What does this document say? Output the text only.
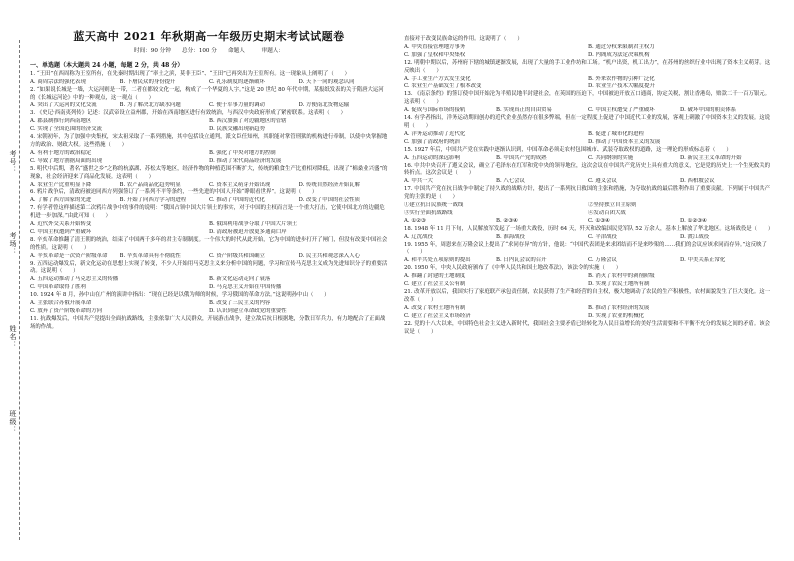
考号：
考场：
姓名：
班级：
蓝天高中 2021 年秋期高一年级历史期末考试试题卷
时间：90 分钟　　总分：100 分　　命题人　　　审题人：
一、单选题（本大题共 24 小题，每题 2 分，共 48 分）
1. “王田”在西周称为王室所有，在先秦时期出现了“率土之滨，莫非王臣”、“王田”已再突出为王室所有。这一现象从上阐明了（　　）
A. 商周宗法的强化表现	B. 下層民众的身份提升	C. 礼乐制度的逐渐破坏	D. 天下一同的观念认同
2. “如果说长城是一墙，大运河则是一带，二者在都较文化一起，构成了一个华夏的人字。”这是 20 世纪 80 年代中期，某报纸发表的关于隋唐大运河的《长城运河论》中的一种观点，这一观点（　　）
A. 突出了大运河的文化交流	B. 为了解决北方缺水问题	C. 便于军事力量的调动	D. 方便南北货物运输
3. 《史记·西南夷列传》记述：汉武帝设立益州郡，开始在西南地区进行有效统治，与西汉中央政府形成了紧密联系。这表明（　　）
A. 郡县制推行到西南地区	B. 西汉加强了对边疆地区的管辖
C. 实现了全国范围的经济交流	D. 民族交融出现新趋势
4. 宋朝初年，为了加强中央集权，宋太祖采取了一系列措施，其中包括设立通判，派文臣任知州，其职能对掌管刑狱的机构进行牵制，以使中央掌握地方的政治、财政大权。这些措施（　　）
A. 有利于地方的政治稳定	B. 强化了中央对地方的控制
C. 导致了地方割据局面的出现	D. 推动了宋代商品经济的发展
5. 明代中后期，著名“盛世之乡”之称的杭嘉湖、苏松太等地区，经济作物的种植范围不断扩大，传统的粮食生产比重相对降低，出现了“棉桑业兴盛”的现象，社会经济迎来了商品化发展。这表明（　　）
A. 农业生产比重明显下降	B. 农产品商品化趋势明显	C. 资本主义萌芽开始出现	D. 传统自然经济开始瓦解
6. 鸦片战争后，清政府被迫同西方列强签订了一系列不平等条约，一些先进的中国人开始“睁眼看世界”。这说明（　　）
A. 了解了西方国家的先进	B. 开始了向西方学习的进程	C. 推动了中国的近代化	D. 改变了中国的社会性质
7. 有学者曾这样描述第二次鸦片战争中的事件的说明：“俄国占领中国大片领土的事实，对于中国的主权而言是一个重大打击，它使中国北方的边疆危机进一步加深。”由此可知（　　）
A. 近代外交关系开始转变	B. 俄国利用战争夺取了中国大片领土
C. 中国主权遭到严重破坏	D. 清政府被迫开放更多通商口岸
8. 辛亥革命推翻了清王朝的统治，结束了中国两千多年的君主专制制度。一个伟大的时代从此开始，它为中国的进步打开了闸门，但没有改变中国社会的性质。这说明（　　）
A. 辛亥革命是一次资产阶级革命	B. 辛亥革命具有不彻底性	C. 资产阶级共和国确立	D. 民主共和观念深入人心
9. 五四运动爆发后，新文化运动在思想上实现了转变，不少人开始用马克思主义来分析中国的问题，学习和宣传马克思主义成为先进知识分子的重要活动。这说明（　　）
A. 五四运动推动了马克思主义的传播	B. 新文化运动走向了衰落
C. 中国革命取得了胜利	D. 马克思主义开始在中国传播
10. 1924 年 8 月，孙中山在广州的演讲中指出：“现在已经是以俄为师的时候，学习俄国的革命方法。”这说明孙中山（　　）
A. 主张联合苏俄开展革命	B. 改变了三民主义的内容
C. 放弃了资产阶级革命的方向	D. 认识到建立革命政党的重要性
11. 抗战爆发后，中国共产党提出全面抗战路线，主张依靠广大人民群众，开展游击战争，建立敌后抗日根据地，分散日军兵力，有力地配合了正面战场的作战。
直接对于改变民族命运的作用。这说明了（　　）
A. 中央直接管理地方事务	B. 通过分权来限制君主权力
C. 加强了皇权和中央集权	D. 内阁成为法定决策机构
12. 明朝中期以后，苏州府下辖的城镇逐渐发展，出现了大量的手工业作坊和工场。“机户出资，机工出力”，在苏州的丝织行业中出现了资本主义萌芽。这反映出（　　）
A. 手工业生产方式发生变化	B. 外来农作物的引种广泛化
C. 农业生产基础发生了根本改变	D. 农业生产技术大幅度提升
13. 《南京条约》的签订使中国开始沦为半殖民地半封建社会，在英国的压迫下，中国被迫开放五口通商，协定关税，割让香港岛，赔款二千一百万银元。这表明（　　）
A. 促成与国际市场的接轨	B. 实现真正的自由贸易	C. 中国主权遭受了严重破坏	D. 破坏中国的朝贡体系
14. 有学者指出，洋务运动期间创办的近代企业虽然存在很多弊端，但在一定程度上促进了中国近代工业的发展，客观上刺激了中国资本主义的发展。这说明（　　）
A. 洋务运动推动了近代化	B. 促进了城市化的进程
C. 加强了清政府的统治	D. 推动了中国资本主义的发展
15. 1927 年后，中国共产党在实践中逐渐认识到，中国革命必须走农村包围城市、武装夺取政权的道路，这一理论的形成标志着（　　）
A. 五四运动的深远影响	B. 中国共产党的成熟	C. 共同纲领的实施	D. 新民主主义革命的开始
16. 中共中央召开了遵义会议，确立了毛泽东在红军和党中央的领导地位，这次会议在中国共产党历史上具有重大的意义，它是党的历史上一个生死攸关的转折点。这次会议是（　　）
A. 中共一大	B. 八七会议	C. 遵义会议	D. 西柏坡会议
17. 中国共产党在抗日战争中制定了持久战的战略方针，提出了一系列抗日救国的主张和措施，为夺取抗战的最后胜利作出了重要贡献。下列属于中国共产党的主张的是（　　）
①建立抗日民族统一战线	②坚持独立自主原则
③实行全面抗战路线	④发动百团大战
A. ①②③	B. ②③④	C. ①③④	D. ①②③④
18. 1948 年 11 月下旬，人民解放军发起了一场重大战役，历时 64 天，歼灭和改编国民党军队 52 万余人，基本上解放了华北地区。这场战役是（　　）
A. 辽沈战役	B. 淮海战役	C. 平津战役	D. 渡江战役
19. 1955 年，周恩来在万隆会议上提出了“求同存异”的方针，他说：“中国代表团是来求团结而不是来吵架的……我们的会议应该求同而存异。”这反映了（　　）
A. 和平共处五项原则的提出	B. 日内瓦会议的召开	C. 万隆会议	D. 中美关系正常化
20. 1950 年，中央人民政府颁布了《中华人民共和国土地改革法》，该法令的实施（　　）
A. 推翻了封建的土地制度	B. 消灭了农村中的剥削阶级
C. 建立了社会主义公有制	D. 实现了农民土地所有制
21. 改革开放以后，我国实行了家庭联产承包责任制，农民获得了生产和经营的自主权，极大地调动了农民的生产积极性，农村面貌发生了巨大变化。这一改革（　　）
A. 改变了农村土地所有制	B. 推动了农村经济的发展
C. 建立了社会主义市场经济	D. 实现了农业的机械化
22. 党的十八大以来，中国特色社会主义进入新时代，我国社会主要矛盾已经转化为人民日益增长的美好生活需要和不平衡不充分的发展之间的矛盾。该会议是（　　）
